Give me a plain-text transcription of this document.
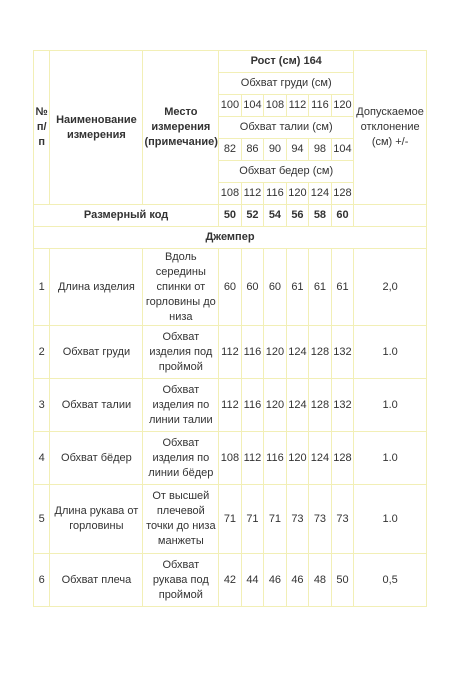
№ п/п	Наименование измерения	Место измерения (примечание)	Рост (см) 164						Допускаемое отклонение (см) +/-
			Обхват груди (см)						
			100	104	108	112	116	120	
			Обхват талии (см)						
			82	86	90	94	98	104	
			Обхват бедер (см)						
			108	112	116	120	124	128	
Размерный код			50	52	54	56	58	60	
Джемпер									
1	Длина изделия	Вдоль середины спинки от горловины до низа	60	60	60	61	61	61	2,0
2	Обхват груди	Обхват изделия под проймой	112	116	120	124	128	132	1.0
3	Обхват талии	Обхват изделия по линии талии	112	116	120	124	128	132	1.0
4	Обхват бёдер	Обхват изделия по линии бёдер	108	112	116	120	124	128	1.0
5	Длина рукава от горловины	От высшей плечевой точки до низа манжеты	71	71	71	73	73	73	1.0
6	Обхват плеча	Обхват рукава под проймой	42	44	46	46	48	50	0,5
